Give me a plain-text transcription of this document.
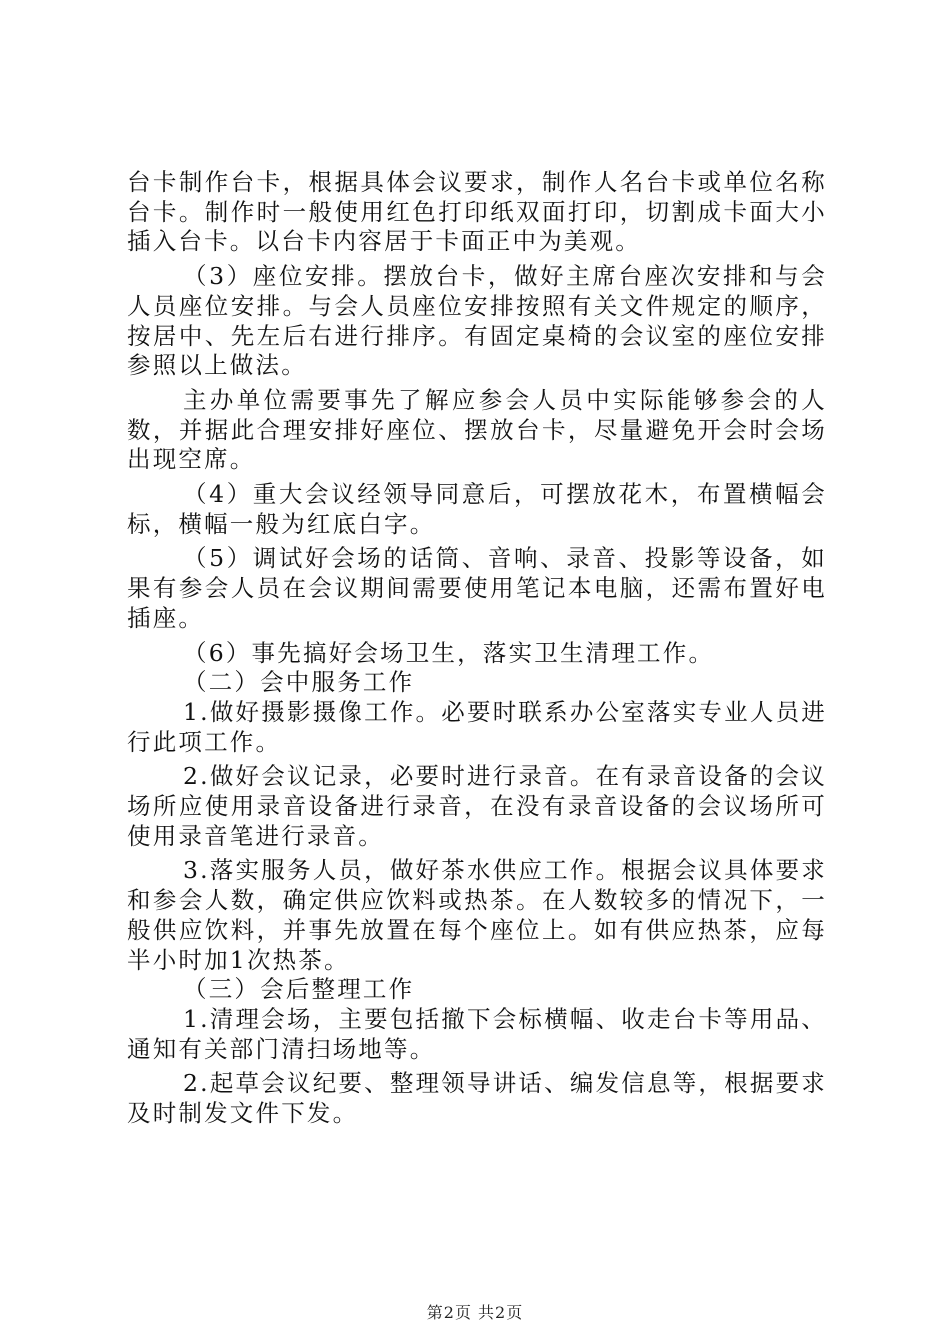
台卡制作台卡，根据具体会议要求，制作人名台卡或单位名称台卡。制作时一般使用红色打印纸双面打印，切割成卡面大小插入台卡。以台卡内容居于卡面正中为美观。

（3）座位安排。摆放台卡，做好主席台座次安排和与会人员座位安排。与会人员座位安排按照有关文件规定的顺序，按居中、先左后右进行排序。有固定桌椅的会议室的座位安排参照以上做法。

主办单位需要事先了解应参会人员中实际能够参会的人数，并据此合理安排好座位、摆放台卡，尽量避免开会时会场出现空席。

（4）重大会议经领导同意后，可摆放花木，布置横幅会标，横幅一般为红底白字。

（5）调试好会场的话筒、音响、录音、投影等设备，如果有参会人员在会议期间需要使用笔记本电脑，还需布置好电插座。

（6）事先搞好会场卫生，落实卫生清理工作。

（二）会中服务工作

1.做好摄影摄像工作。必要时联系办公室落实专业人员进行此项工作。

2.做好会议记录，必要时进行录音。在有录音设备的会议场所应使用录音设备进行录音，在没有录音设备的会议场所可使用录音笔进行录音。

3.落实服务人员，做好茶水供应工作。根据会议具体要求和参会人数，确定供应饮料或热茶。在人数较多的情况下，一般供应饮料，并事先放置在每个座位上。如有供应热茶，应每半小时加1次热茶。

（三）会后整理工作

1.清理会场，主要包括撤下会标横幅、收走台卡等用品、通知有关部门清扫场地等。

2.起草会议纪要、整理领导讲话、编发信息等，根据要求及时制发文件下发。

第2页 共2页
